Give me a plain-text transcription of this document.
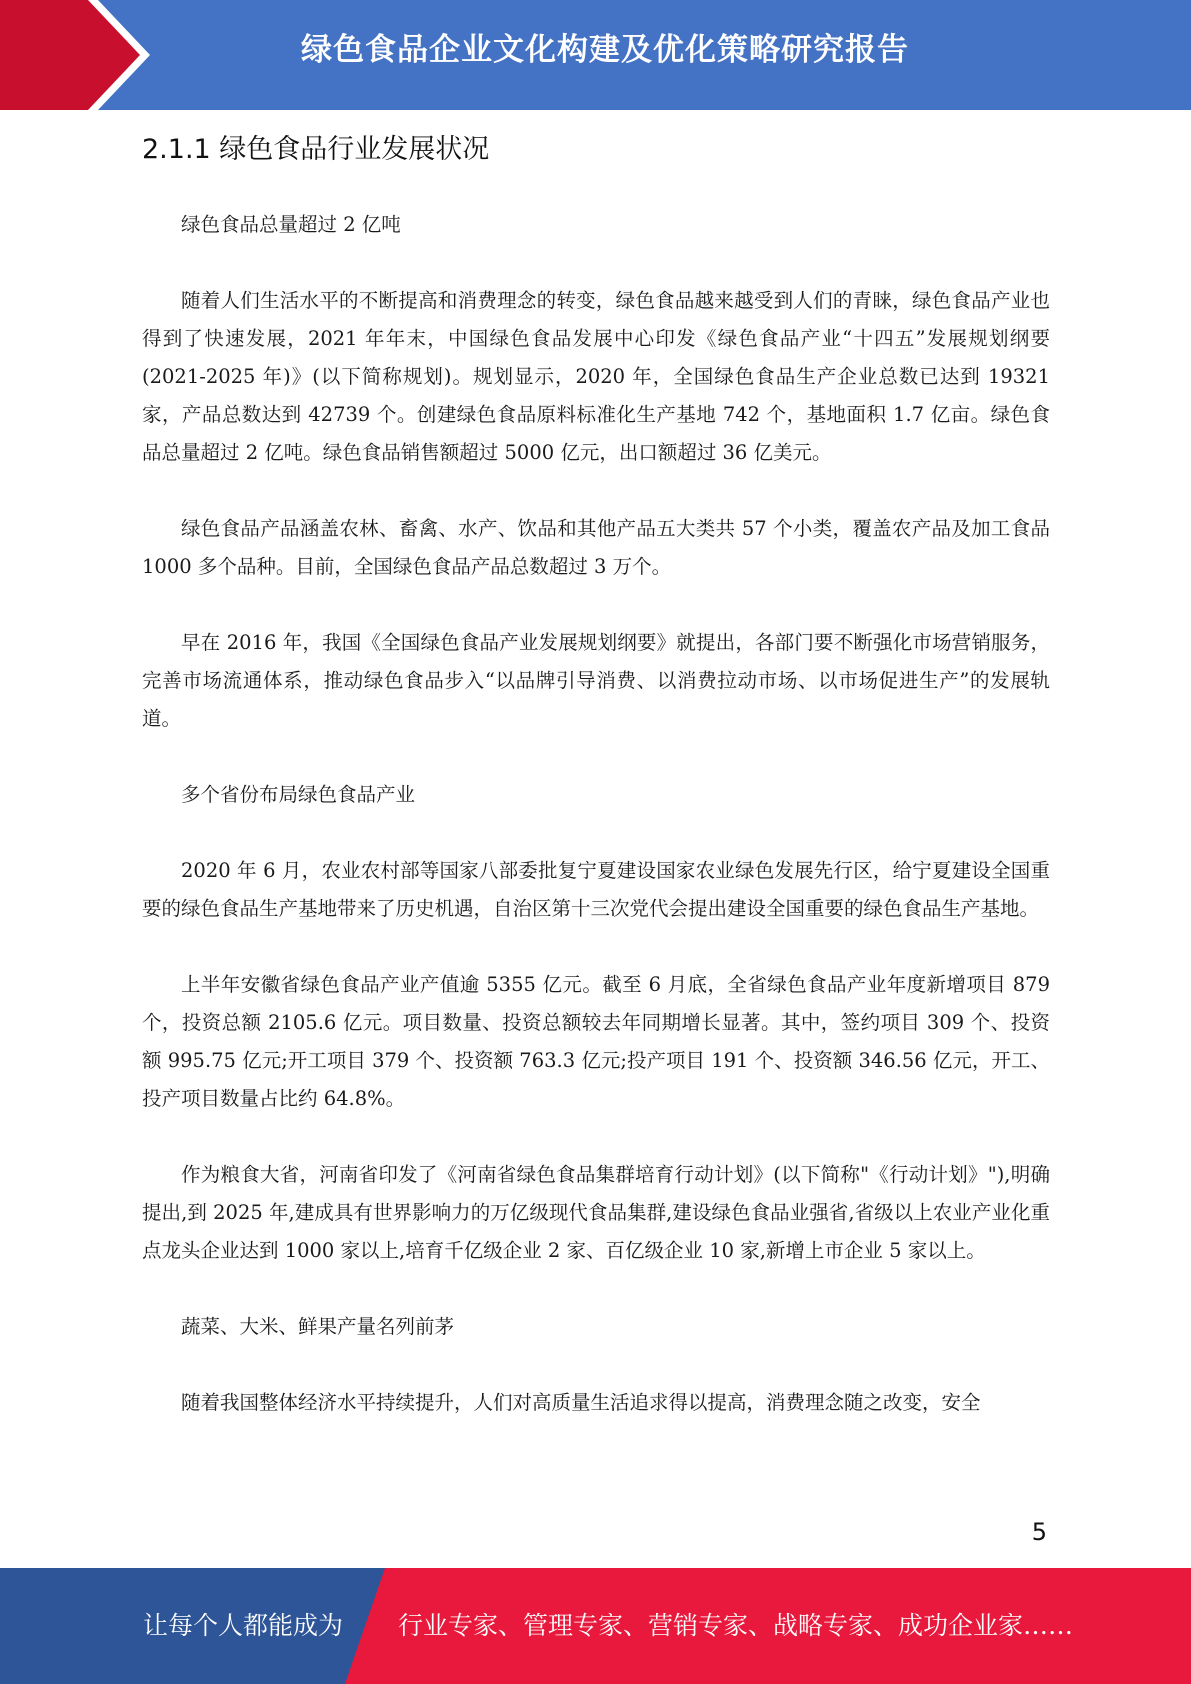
绿色食品企业文化构建及优化策略研究报告
2.1.1 绿色食品行业发展状况

绿色食品总量超过 2 亿吨

随着人们生活水平的不断提高和消费理念的转变，绿色食品越来越受到人们的青睐，绿色食品产业也得到了快速发展，2021 年年末，中国绿色食品发展中心印发《绿色食品产业“十四五”发展规划纲要(2021-2025 年)》(以下简称规划)。规划显示，2020 年，全国绿色食品生产企业总数已达到 19321 家，产品总数达到 42739 个。创建绿色食品原料标准化生产基地 742 个，基地面积 1.7 亿亩。绿色食品总量超过 2 亿吨。绿色食品销售额超过 5000 亿元，出口额超过 36 亿美元。

绿色食品产品涵盖农林、畜禽、水产、饮品和其他产品五大类共 57 个小类，覆盖农产品及加工食品 1000 多个品种。目前，全国绿色食品产品总数超过 3 万个。

早在 2016 年，我国《全国绿色食品产业发展规划纲要》就提出，各部门要不断强化市场营销服务，完善市场流通体系，推动绿色食品步入“以品牌引导消费、以消费拉动市场、以市场促进生产”的发展轨道。

多个省份布局绿色食品产业

2020 年 6 月，农业农村部等国家八部委批复宁夏建设国家农业绿色发展先行区，给宁夏建设全国重要的绿色食品生产基地带来了历史机遇，自治区第十三次党代会提出建设全国重要的绿色食品生产基地。

上半年安徽省绿色食品产业产值逾 5355 亿元。截至 6 月底，全省绿色食品产业年度新增项目 879 个，投资总额 2105.6 亿元。项目数量、投资总额较去年同期增长显著。其中，签约项目 309 个、投资额 995.75 亿元;开工项目 379 个、投资额 763.3 亿元;投产项目 191 个、投资额 346.56 亿元，开工、投产项目数量占比约 64.8%。

作为粮食大省，河南省印发了《河南省绿色食品集群培育行动计划》(以下简称"《行动计划》"),明确提出,到 2025 年,建成具有世界影响力的万亿级现代食品集群,建设绿色食品业强省,省级以上农业产业化重点龙头企业达到 1000 家以上,培育千亿级企业 2 家、百亿级企业 10 家,新增上市企业 5 家以上。

蔬菜、大米、鲜果产量名列前茅

随着我国整体经济水平持续提升，人们对高质量生活追求得以提高，消费理念随之改变，安全

5
让每个人都能成为 行业专家、管理专家、营销专家、战略专家、成功企业家……
